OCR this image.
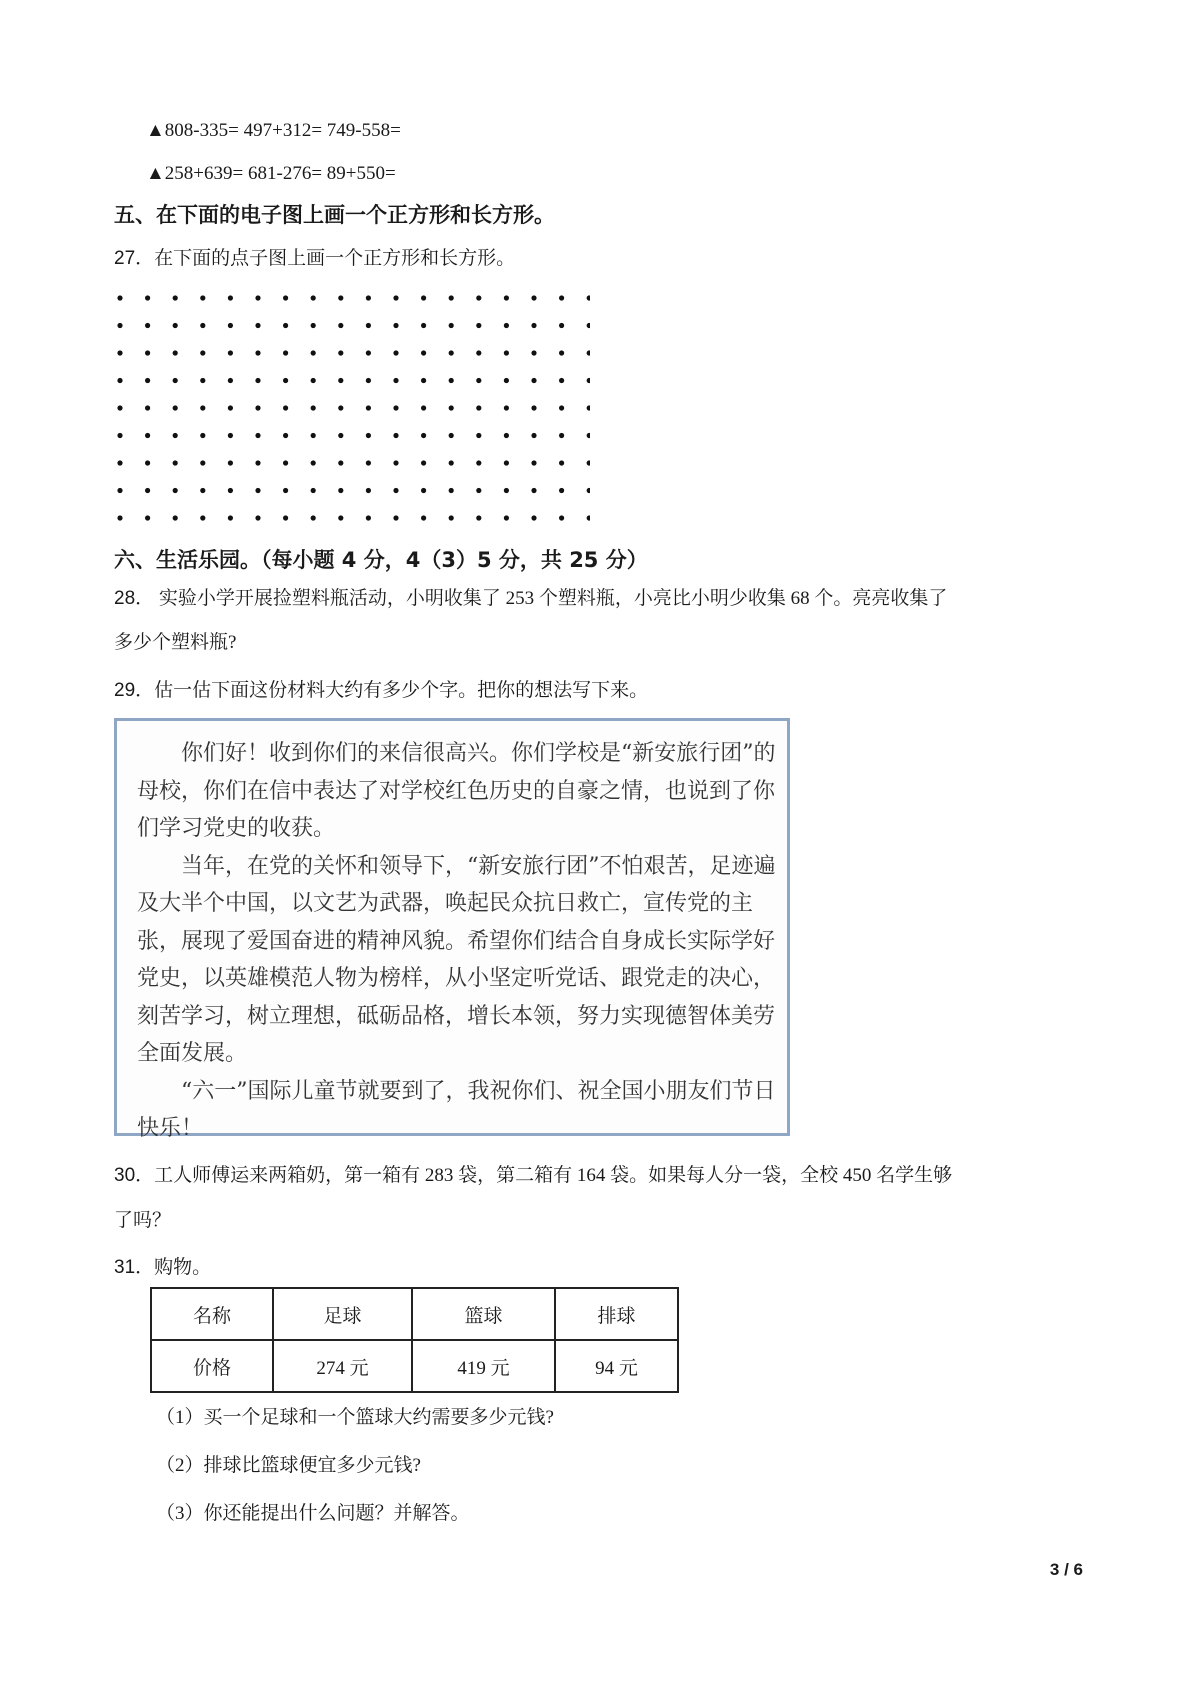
▲808-335= 497+312= 749-558=
▲258+639= 681-276= 89+550=
五、在下面的电子图上画一个正方形和长方形。
27．在下面的点子图上画一个正方形和长方形。
六、生活乐园。（每小题 4 分，4（3）5 分，共 25 分）
28． 实验小学开展捡塑料瓶活动，小明收集了 253 个塑料瓶，小亮比小明少收集 68 个。亮亮收集了
多少个塑料瓶?
29．估一估下面这份材料大约有多少个字。把你的想法写下来。

你们好！收到你们的来信很高兴。你们学校是“新安旅行团”的母校，你们在信中表达了对学校红色历史的自豪之情，也说到了你们学习党史的收获。

当年，在党的关怀和领导下，“新安旅行团”不怕艰苦，足迹遍及大半个中国，以文艺为武器，唤起民众抗日救亡，宣传党的主张，展现了爱国奋进的精神风貌。希望你们结合自身成长实际学好党史，以英雄模范人物为榜样，从小坚定听党话、跟党走的决心，刻苦学习，树立理想，砥砺品格，增长本领，努力实现德智体美劳全面发展。

“六一”国际儿童节就要到了，我祝你们、祝全国小朋友们节日快乐！

30．工人师傅运来两箱奶，第一箱有 283 袋，第二箱有 164 袋。如果每人分一袋，全校 450 名学生够
了吗？
31．购物。
名称	足球	篮球	排球
价格	274 元	419 元	94 元
（1）买一个足球和一个篮球大约需要多少元钱?
（2）排球比篮球便宜多少元钱?
（3）你还能提出什么问题？并解答。
3 / 6
